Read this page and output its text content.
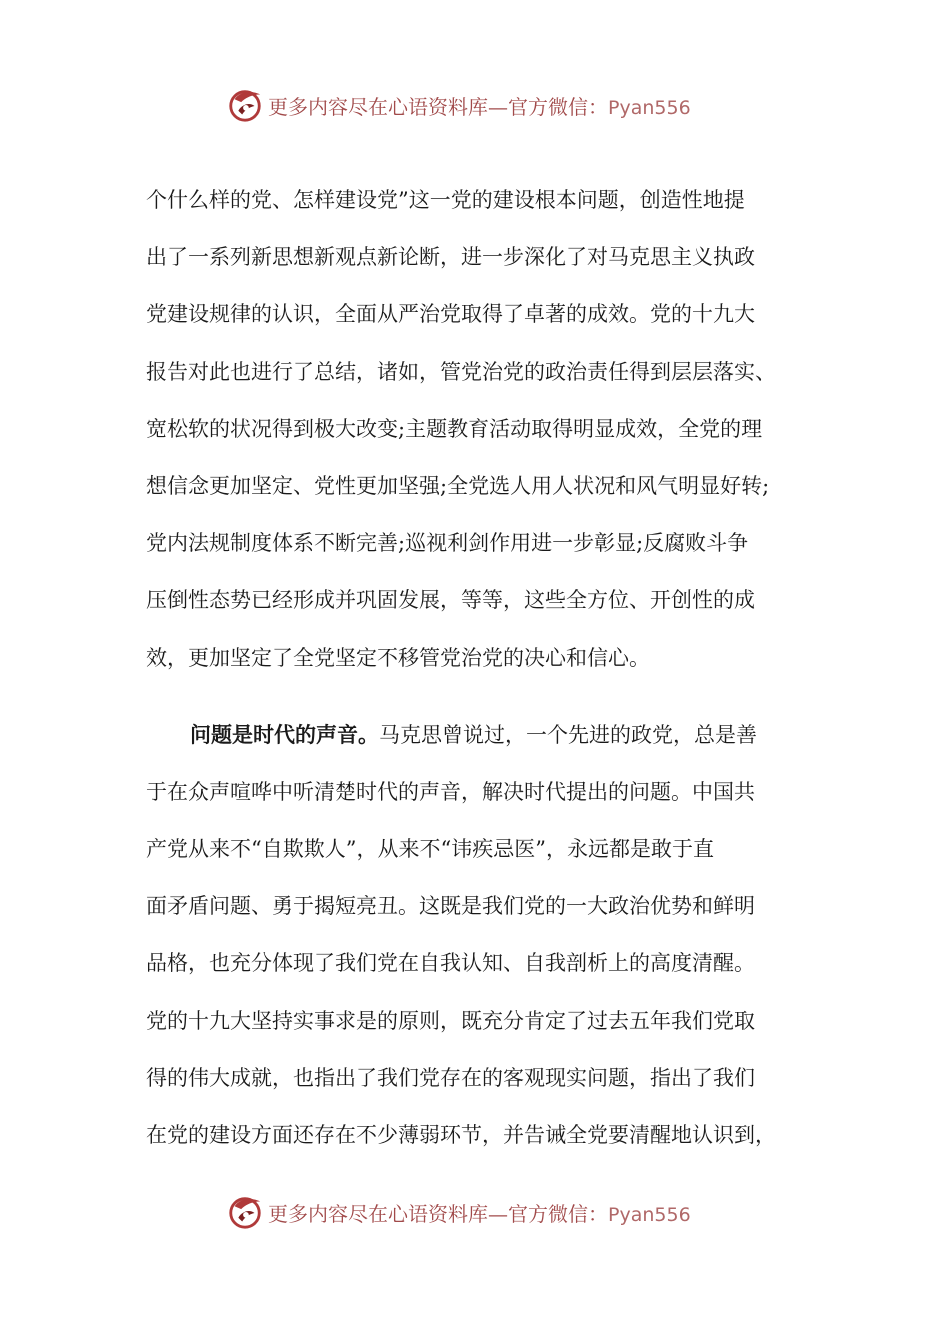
更多内容尽在心语资料库—官方微信：Pyan556
个什么样的党、怎样建设党”这一党的建设根本问题，创造性地提
出了一系列新思想新观点新论断，进一步深化了对马克思主义执政
党建设规律的认识，全面从严治党取得了卓著的成效。党的十九大
报告对此也进行了总结，诸如，管党治党的政治责任得到层层落实、
宽松软的状况得到极大改变;主题教育活动取得明显成效，全党的理
想信念更加坚定、党性更加坚强;全党选人用人状况和风气明显好转;
党内法规制度体系不断完善;巡视利剑作用进一步彰显;反腐败斗争
压倒性态势已经形成并巩固发展，等等，这些全方位、开创性的成
效，更加坚定了全党坚定不移管党治党的决心和信心。
问题是时代的声音。马克思曾说过，一个先进的政党，总是善
于在众声喧哗中听清楚时代的声音，解决时代提出的问题。中国共
产党从来不“自欺欺人”，从来不“讳疾忌医”，永远都是敢于直
面矛盾问题、勇于揭短亮丑。这既是我们党的一大政治优势和鲜明
品格，也充分体现了我们党在自我认知、自我剖析上的高度清醒。
党的十九大坚持实事求是的原则，既充分肯定了过去五年我们党取
得的伟大成就，也指出了我们党存在的客观现实问题，指出了我们
在党的建设方面还存在不少薄弱环节，并告诫全党要清醒地认识到，
更多内容尽在心语资料库—官方微信：Pyan556
